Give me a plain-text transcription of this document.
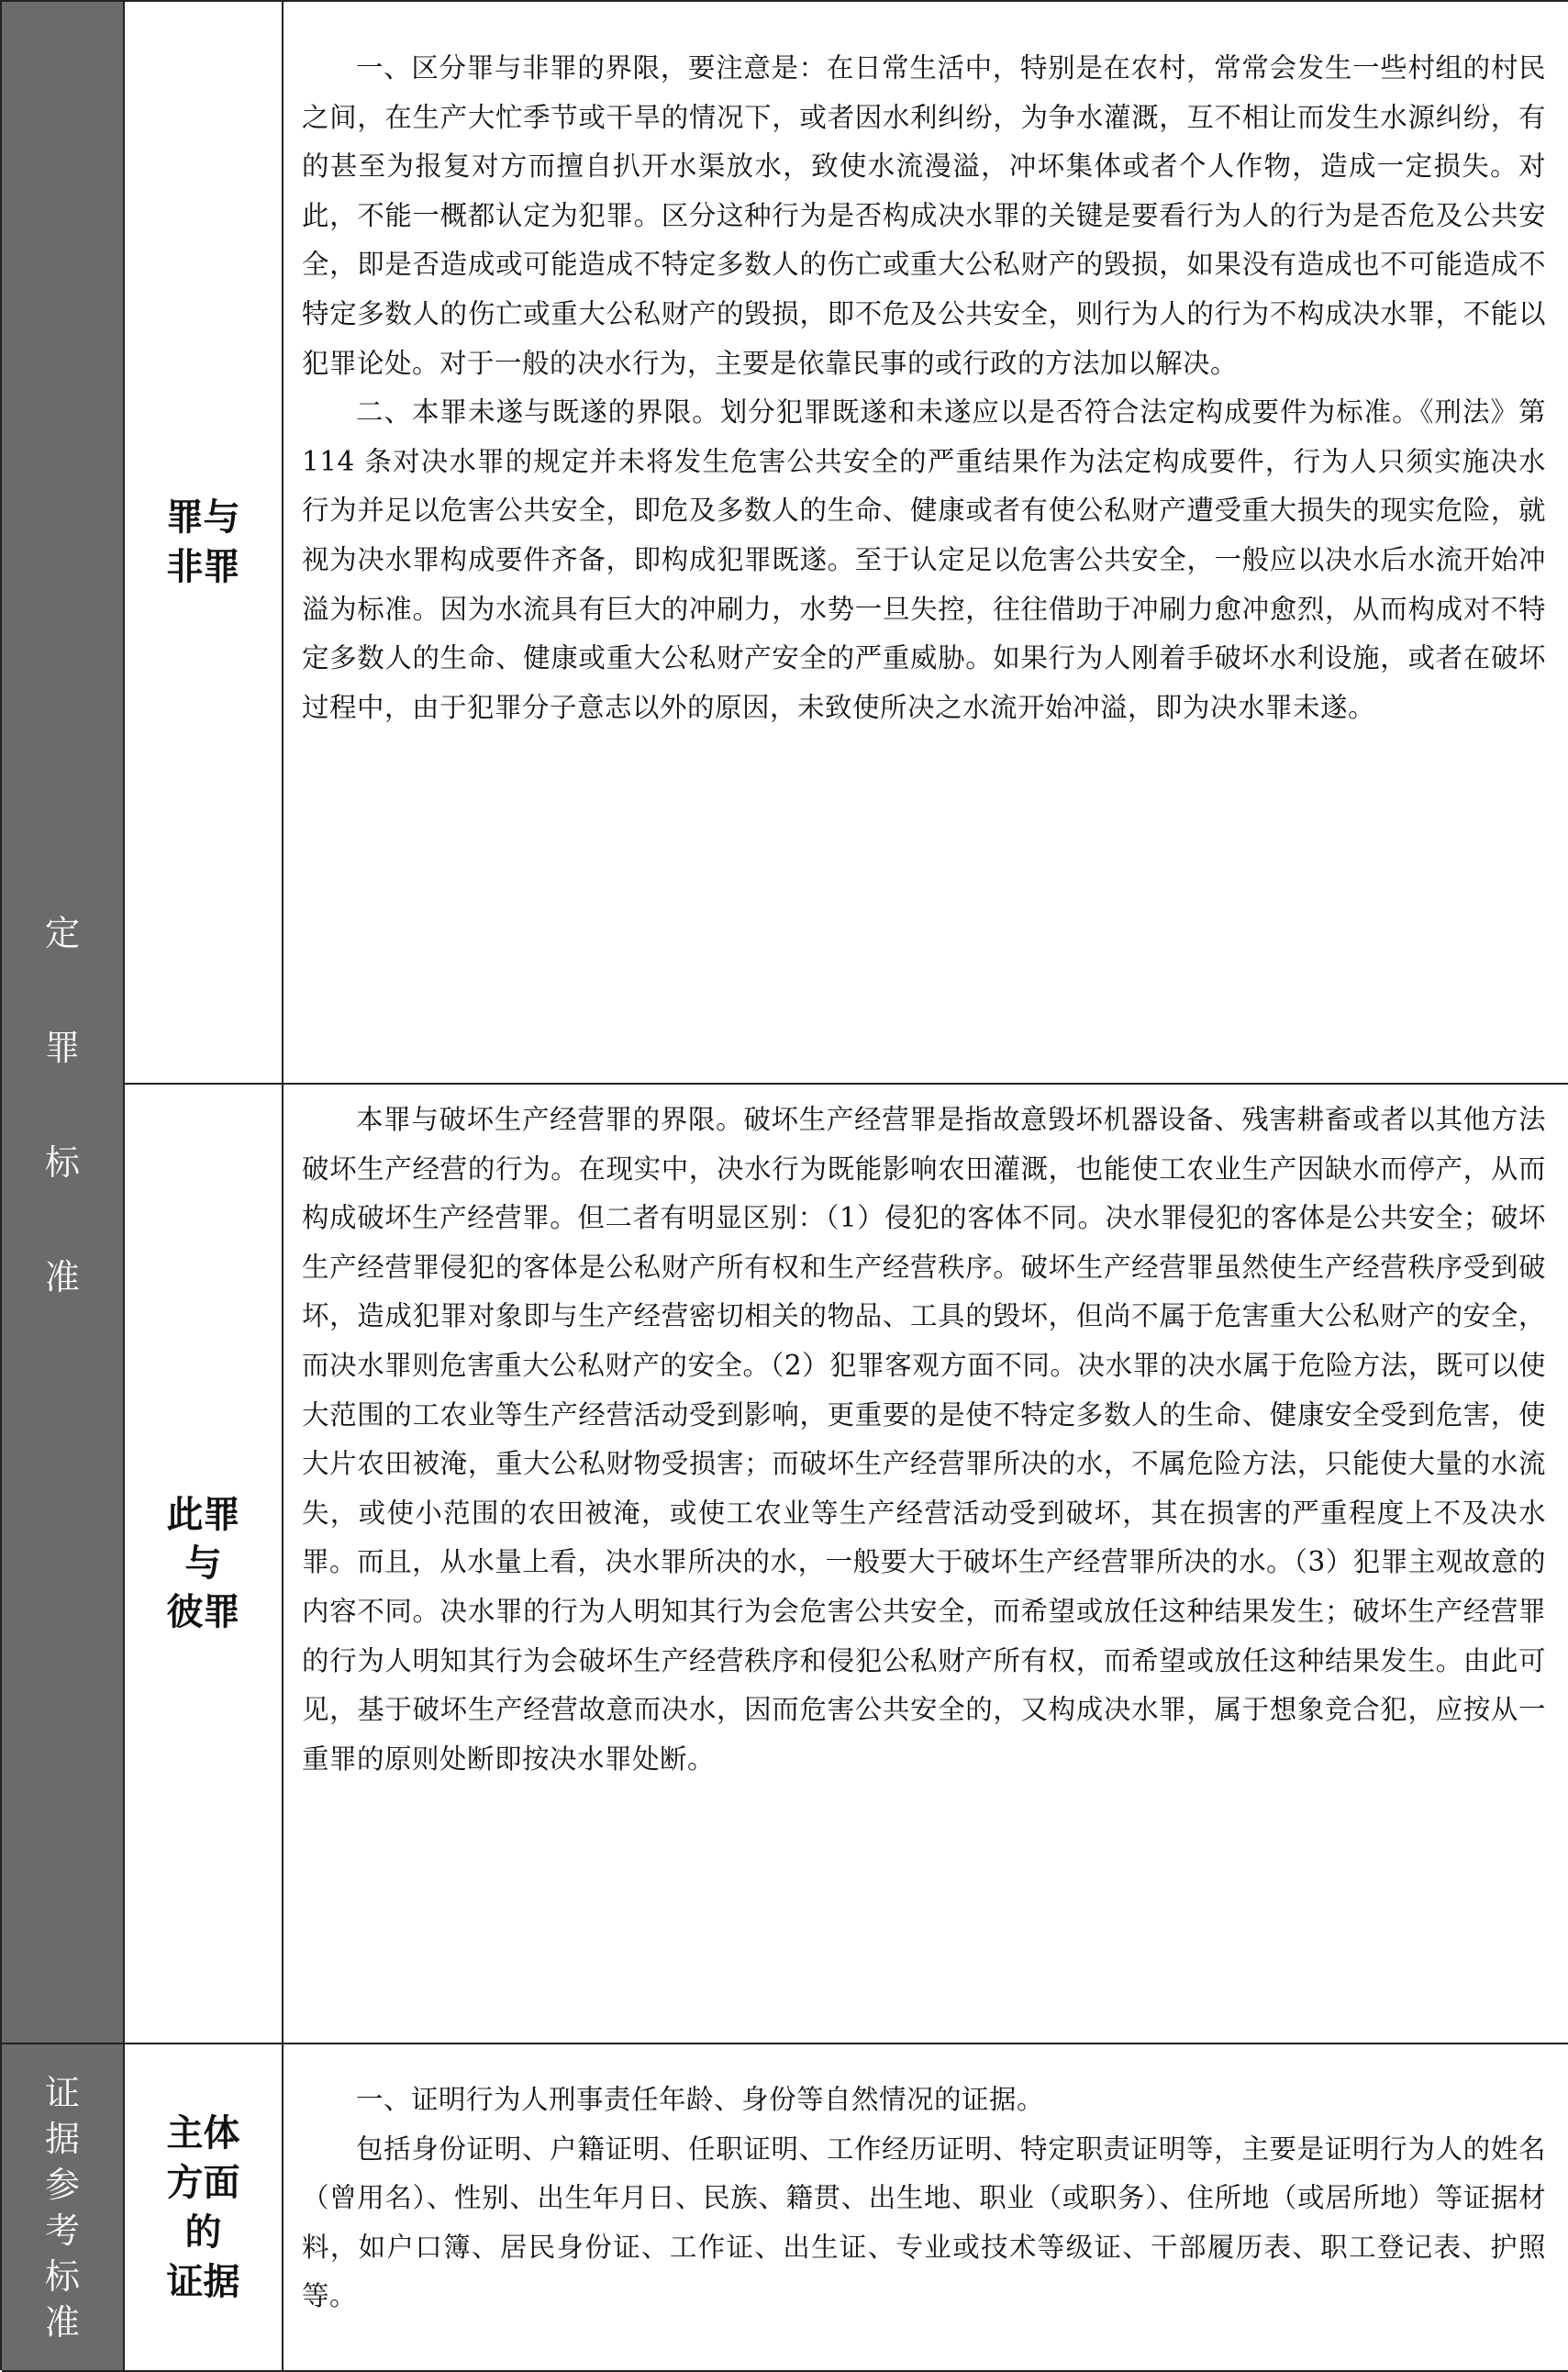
定
罪
标
准
罪与
非罪

一、区分罪与非罪的界限，要注意是：在日常生活中，特别是在农村，常常会发生一些村组的村民之间，在生产大忙季节或干旱的情况下，或者因水利纠纷，为争水灌溉，互不相让而发生水源纠纷，有的甚至为报复对方而擅自扒开水渠放水，致使水流漫溢，冲坏集体或者个人作物，造成一定损失。对此，不能一概都认定为犯罪。区分这种行为是否构成决水罪的关键是要看行为人的行为是否危及公共安全，即是否造成或可能造成不特定多数人的伤亡或重大公私财产的毁损，如果没有造成也不可能造成不特定多数人的伤亡或重大公私财产的毁损，即不危及公共安全，则行为人的行为不构成决水罪，不能以犯罪论处。对于一般的决水行为，主要是依靠民事的或行政的方法加以解决。

二、本罪未遂与既遂的界限。划分犯罪既遂和未遂应以是否符合法定构成要件为标准。《刑法》第 114 条对决水罪的规定并未将发生危害公共安全的严重结果作为法定构成要件，行为人只须实施决水行为并足以危害公共安全，即危及多数人的生命、健康或者有使公私财产遭受重大损失的现实危险，就视为决水罪构成要件齐备，即构成犯罪既遂。至于认定足以危害公共安全，一般应以决水后水流开始冲溢为标准。因为水流具有巨大的冲刷力，水势一旦失控，往往借助于冲刷力愈冲愈烈，从而构成对不特定多数人的生命、健康或重大公私财产安全的严重威胁。如果行为人刚着手破坏水利设施，或者在破坏过程中，由于犯罪分子意志以外的原因，未致使所决之水流开始冲溢，即为决水罪未遂。

此罪
与
彼罪

本罪与破坏生产经营罪的界限。破坏生产经营罪是指故意毁坏机器设备、残害耕畜或者以其他方法破坏生产经营的行为。在现实中，决水行为既能影响农田灌溉，也能使工农业生产因缺水而停产，从而构成破坏生产经营罪。但二者有明显区别：（1）侵犯的客体不同。决水罪侵犯的客体是公共安全；破坏生产经营罪侵犯的客体是公私财产所有权和生产经营秩序。破坏生产经营罪虽然使生产经营秩序受到破坏，造成犯罪对象即与生产经营密切相关的物品、工具的毁坏，但尚不属于危害重大公私财产的安全，而决水罪则危害重大公私财产的安全。（2）犯罪客观方面不同。决水罪的决水属于危险方法，既可以使大范围的工农业等生产经营活动受到影响，更重要的是使不特定多数人的生命、健康安全受到危害，使大片农田被淹，重大公私财物受损害；而破坏生产经营罪所决的水，不属危险方法，只能使大量的水流失，或使小范围的农田被淹，或使工农业等生产经营活动受到破坏，其在损害的严重程度上不及决水罪。而且，从水量上看，决水罪所决的水，一般要大于破坏生产经营罪所决的水。（3）犯罪主观故意的内容不同。决水罪的行为人明知其行为会危害公共安全，而希望或放任这种结果发生；破坏生产经营罪的行为人明知其行为会破坏生产经营秩序和侵犯公私财产所有权，而希望或放任这种结果发生。由此可见，基于破坏生产经营故意而决水，因而危害公共安全的，又构成决水罪，属于想象竞合犯，应按从一重罪的原则处断即按决水罪处断。

证
据
参
考
标
准
主体
方面
的
证据

一、证明行为人刑事责任年龄、身份等自然情况的证据。

包括身份证明、户籍证明、任职证明、工作经历证明、特定职责证明等，主要是证明行为人的姓名（曾用名）、性别、出生年月日、民族、籍贯、出生地、职业（或职务）、住所地（或居所地）等证据材料，如户口簿、居民身份证、工作证、出生证、专业或技术等级证、干部履历表、职工登记表、护照等。
